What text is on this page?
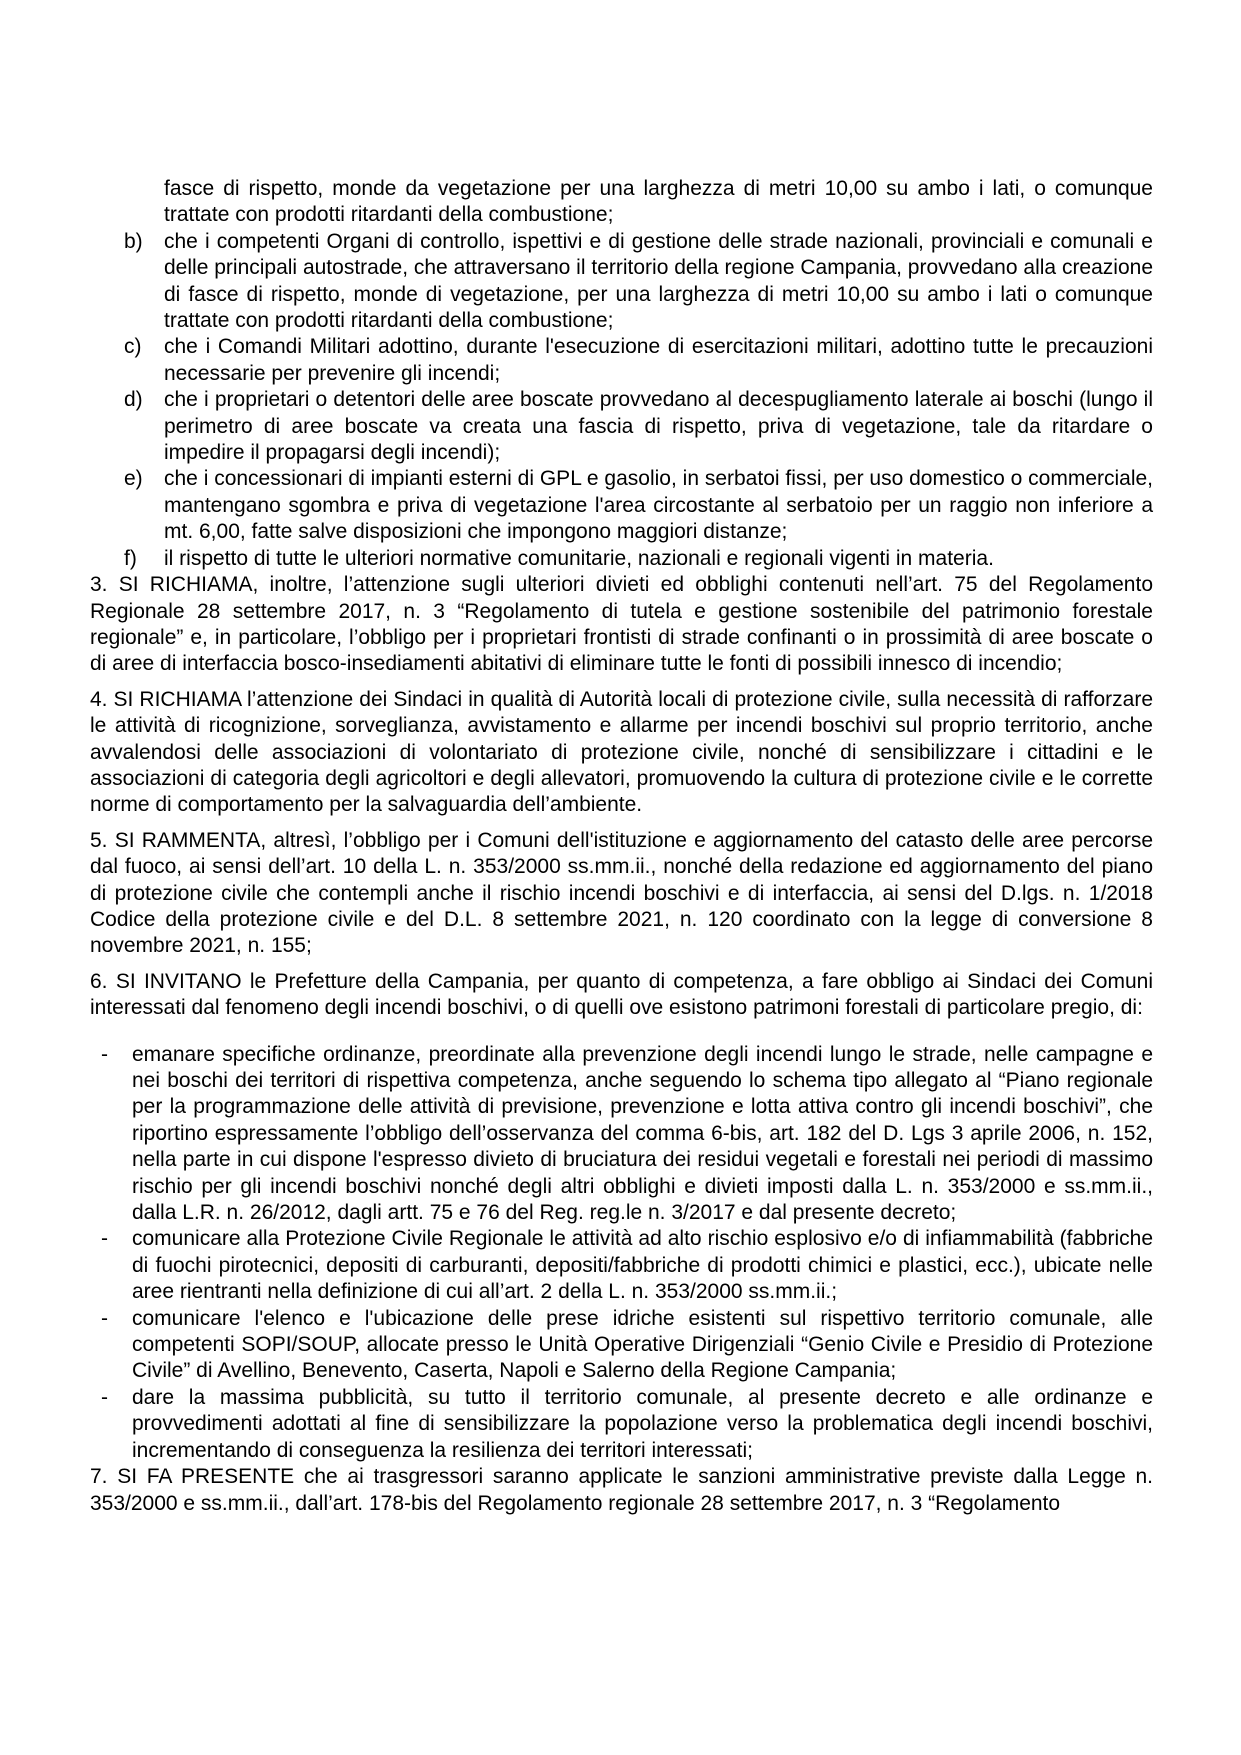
fasce di rispetto, monde da vegetazione per una larghezza di metri 10,00 su ambo i lati, o comunque trattate con prodotti ritardanti della combustione;

b) che i competenti Organi di controllo, ispettivi e di gestione delle strade nazionali, provinciali e comunali e delle principali autostrade, che attraversano il territorio della regione Campania, provvedano alla creazione di fasce di rispetto, monde di vegetazione, per una larghezza di metri 10,00 su ambo i lati o comunque trattate con prodotti ritardanti della combustione;
c) che i Comandi Militari adottino, durante l'esecuzione di esercitazioni militari, adottino tutte le precauzioni necessarie per prevenire gli incendi;
d) che i proprietari o detentori delle aree boscate provvedano al decespugliamento laterale ai boschi (lungo il perimetro di aree boscate va creata una fascia di rispetto, priva di vegetazione, tale da ritardare o impedire il propagarsi degli incendi);
e) che i concessionari di impianti esterni di GPL e gasolio, in serbatoi fissi, per uso domestico o commerciale, mantengano sgombra e priva di vegetazione l'area circostante al serbatoio per un raggio non inferiore a mt. 6,00, fatte salve disposizioni che impongono maggiori distanze;
f) il rispetto di tutte le ulteriori normative comunitarie, nazionali e regionali vigenti in materia.

3. SI RICHIAMA, inoltre, l’attenzione sugli ulteriori divieti ed obblighi contenuti nell’art. 75 del Regolamento Regionale 28 settembre 2017, n. 3 “Regolamento di tutela e gestione sostenibile del patrimonio forestale regionale” e, in particolare, l’obbligo per i proprietari frontisti di strade confinanti o in prossimità di aree boscate o di aree di interfaccia bosco-insediamenti abitativi di eliminare tutte le fonti di possibili innesco di incendio;

4. SI RICHIAMA l’attenzione dei Sindaci in qualità di Autorità locali di protezione civile, sulla necessità di rafforzare le attività di ricognizione, sorveglianza, avvistamento e allarme per incendi boschivi sul proprio territorio, anche avvalendosi delle associazioni di volontariato di protezione civile, nonché di sensibilizzare i cittadini e le associazioni di categoria degli agricoltori e degli allevatori, promuovendo la cultura di protezione civile e le corrette norme di comportamento per la salvaguardia dell’ambiente.

5. SI RAMMENTA, altresì, l’obbligo per i Comuni dell'istituzione e aggiornamento del catasto delle aree percorse dal fuoco, ai sensi dell’art. 10 della L. n. 353/2000 ss.mm.ii., nonché della redazione ed aggiornamento del piano di protezione civile che contempli anche il rischio incendi boschivi e di interfaccia, ai sensi del D.lgs. n. 1/2018 Codice della protezione civile e del D.L. 8 settembre 2021, n. 120 coordinato con la legge di conversione 8 novembre 2021, n. 155;

6. SI INVITANO le Prefetture della Campania, per quanto di competenza, a fare obbligo ai Sindaci dei Comuni interessati dal fenomeno degli incendi boschivi, o di quelli ove esistono patrimoni forestali di particolare pregio, di:

- emanare specifiche ordinanze, preordinate alla prevenzione degli incendi lungo le strade, nelle campagne e nei boschi dei territori di rispettiva competenza, anche seguendo lo schema tipo allegato al “Piano regionale per la programmazione delle attività di previsione, prevenzione e lotta attiva contro gli incendi boschivi”, che riportino espressamente l’obbligo dell’osservanza del comma 6-bis, art. 182 del D. Lgs 3 aprile 2006, n. 152, nella parte in cui dispone l'espresso divieto di bruciatura dei residui vegetali e forestali nei periodi di massimo rischio per gli incendi boschivi nonché degli altri obblighi e divieti imposti dalla L. n. 353/2000 e ss.mm.ii., dalla L.R. n. 26/2012, dagli artt. 75 e 76 del Reg. reg.le n. 3/2017 e dal presente decreto;
- comunicare alla Protezione Civile Regionale le attività ad alto rischio esplosivo e/o di infiammabilità (fabbriche di fuochi pirotecnici, depositi di carburanti, depositi/fabbriche di prodotti chimici e plastici, ecc.), ubicate nelle aree rientranti nella definizione di cui all’art. 2 della L. n. 353/2000 ss.mm.ii.;
- comunicare l'elenco e l'ubicazione delle prese idriche esistenti sul rispettivo territorio comunale, alle competenti SOPI/SOUP, allocate presso le Unità Operative Dirigenziali “Genio Civile e Presidio di Protezione Civile” di Avellino, Benevento, Caserta, Napoli e Salerno della Regione Campania;
- dare la massima pubblicità, su tutto il territorio comunale, al presente decreto e alle ordinanze e provvedimenti adottati al fine di sensibilizzare la popolazione verso la problematica degli incendi boschivi, incrementando di conseguenza la resilienza dei territori interessati;

7. SI FA PRESENTE che ai trasgressori saranno applicate le sanzioni amministrative previste dalla Legge n. 353/2000 e ss.mm.ii., dall’art. 178-bis del Regolamento regionale 28 settembre 2017, n. 3 “Regolamento
